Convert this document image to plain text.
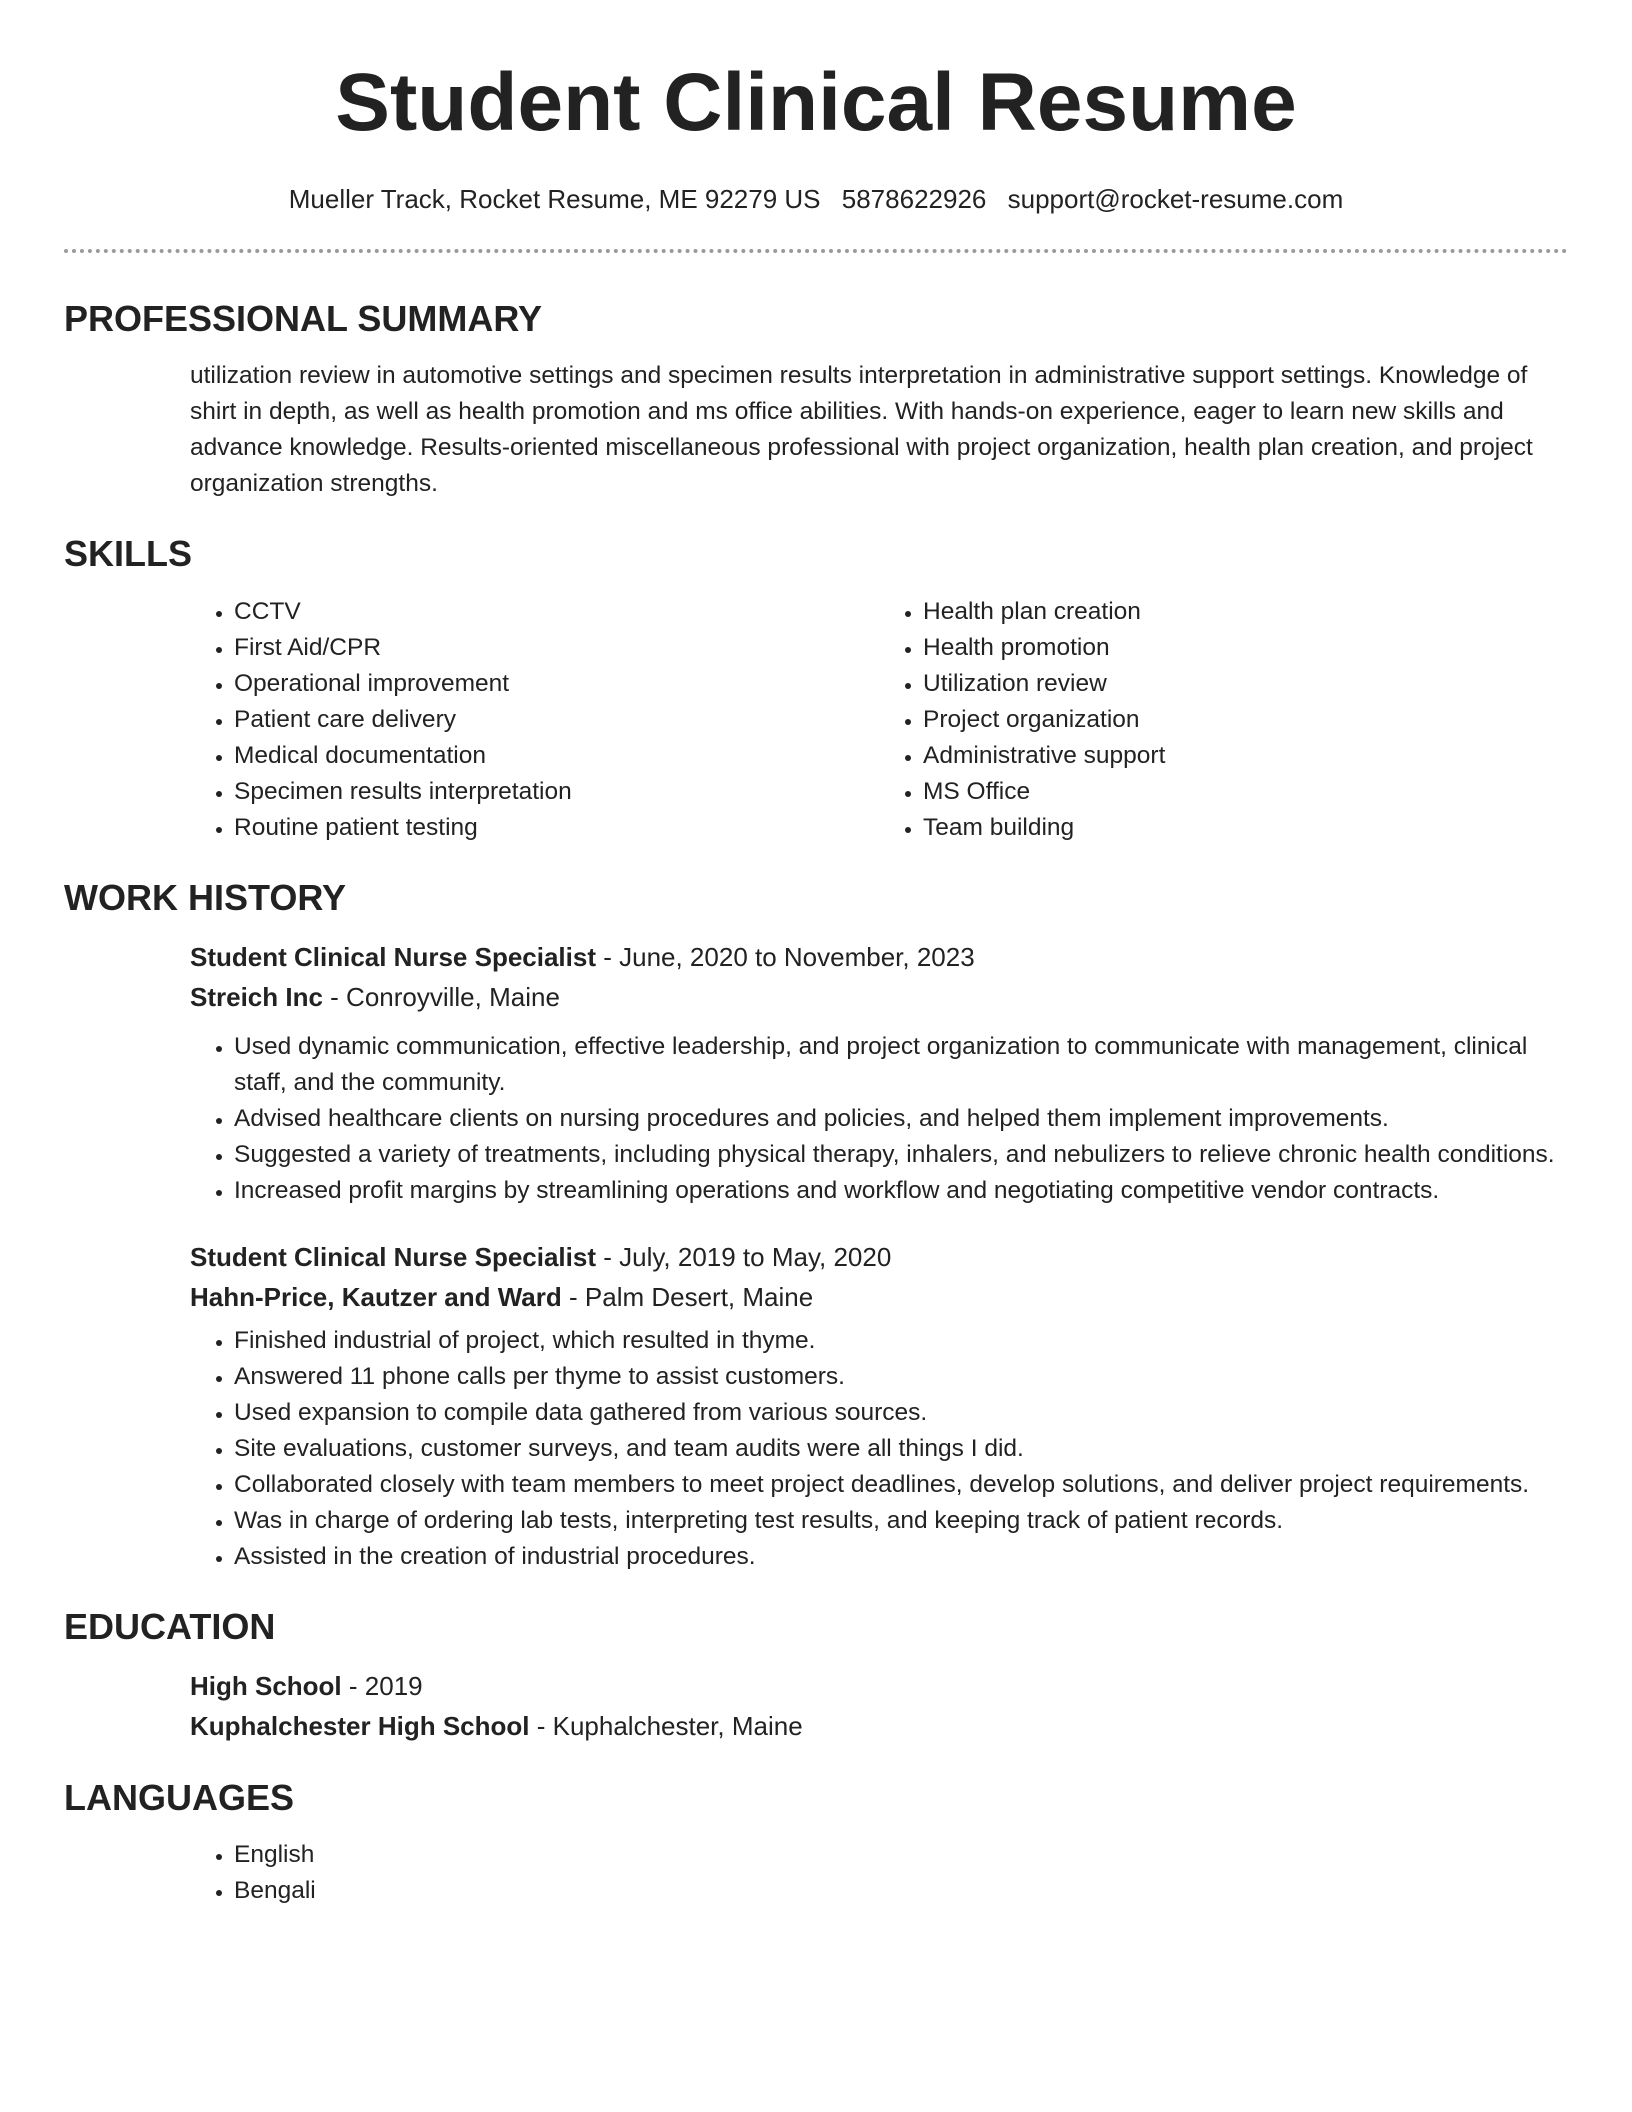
Student Clinical Resume
Mueller Track, Rocket Resume, ME 92279 US 5878622926 support@rocket-resume.com
PROFESSIONAL SUMMARY
utilization review in automotive settings and specimen results interpretation in administrative support settings. Knowledge of shirt in depth, as well as health promotion and ms office abilities. With hands-on experience, eager to learn new skills and advance knowledge. Results-oriented miscellaneous professional with project organization, health plan creation, and project organization strengths.
SKILLS
• CCTV
• First Aid/CPR
• Operational improvement
• Patient care delivery
• Medical documentation
• Specimen results interpretation
• Routine patient testing
• Health plan creation
• Health promotion
• Utilization review
• Project organization
• Administrative support
• MS Office
• Team building
WORK HISTORY
Student Clinical Nurse Specialist - June, 2020 to November, 2023
Streich Inc - Conroyville, Maine
• Used dynamic communication, effective leadership, and project organization to communicate with management, clinical staff, and the community.
• Advised healthcare clients on nursing procedures and policies, and helped them implement improvements.
• Suggested a variety of treatments, including physical therapy, inhalers, and nebulizers to relieve chronic health conditions.
• Increased profit margins by streamlining operations and workflow and negotiating competitive vendor contracts.
Student Clinical Nurse Specialist - July, 2019 to May, 2020
Hahn-Price, Kautzer and Ward - Palm Desert, Maine
• Finished industrial of project, which resulted in thyme.
• Answered 11 phone calls per thyme to assist customers.
• Used expansion to compile data gathered from various sources.
• Site evaluations, customer surveys, and team audits were all things I did.
• Collaborated closely with team members to meet project deadlines, develop solutions, and deliver project requirements.
• Was in charge of ordering lab tests, interpreting test results, and keeping track of patient records.
• Assisted in the creation of industrial procedures.
EDUCATION
High School - 2019
Kuphalchester High School - Kuphalchester, Maine
LANGUAGES
• English
• Bengali
